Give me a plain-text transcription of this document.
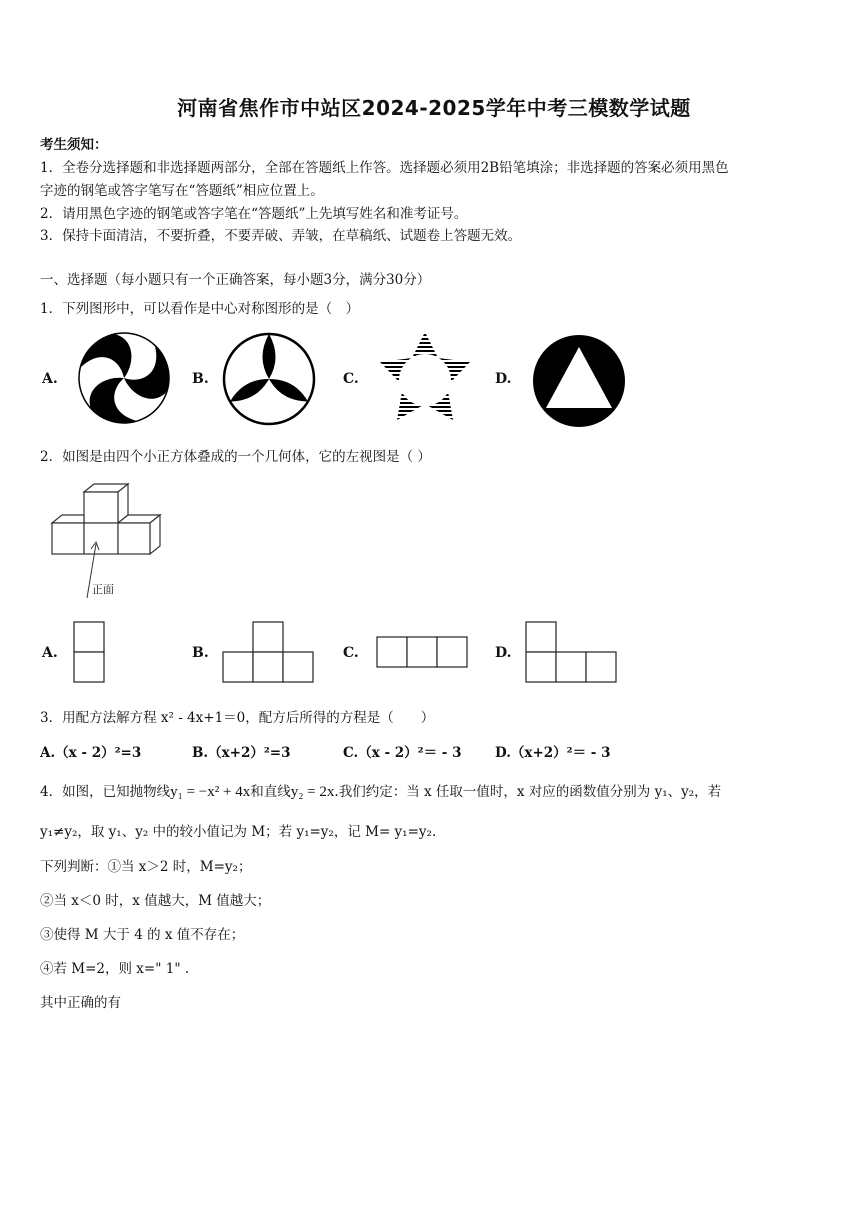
河南省焦作市中站区2024-2025学年中考三模数学试题
考生须知：
1．全卷分选择题和非选择题两部分，全部在答题纸上作答。选择题必须用2B铅笔填涂；非选择题的答案必须用黑色
字迹的钢笔或答字笔写在“答题纸”相应位置上。
2．请用黑色字迹的钢笔或答字笔在“答题纸”上先填写姓名和准考证号。
3．保持卡面清洁，不要折叠，不要弄破、弄皱，在草稿纸、试题卷上答题无效。
一、选择题（每小题只有一个正确答案，每小题3分，满分30分）
1．下列图形中，可以看作是中心对称图形的是（　）
A.	B.	C.	D.
2．如图是由四个小正方体叠成的一个几何体，它的左视图是（ ）
正面
A.	B.	C.	D.
3．用配方法解方程 x² - 4x+1＝0，配方后所得的方程是（　　）
A.（x - 2）²=3	B.（x+2）²=3	C.（x - 2）²＝ - 3 D.（x+2）²＝ - 3
4．如图，已知抛物线y₁ = −x² + 4x和直线y₂ = 2x.我们约定：当 x 任取一值时，x 对应的函数值分别为 y₁、y₂，若
y₁≠y₂，取 y₁、y₂ 中的较小值记为 M；若 y₁=y₂，记 M= y₁=y₂.
下列判断：①当 x＞2 时，M=y₂；
②当 x＜0 时，x 值越大，M 值越大；
③使得 M 大于 4 的 x 值不存在；
④若 M=2，则 x=" 1" .
其中正确的有
